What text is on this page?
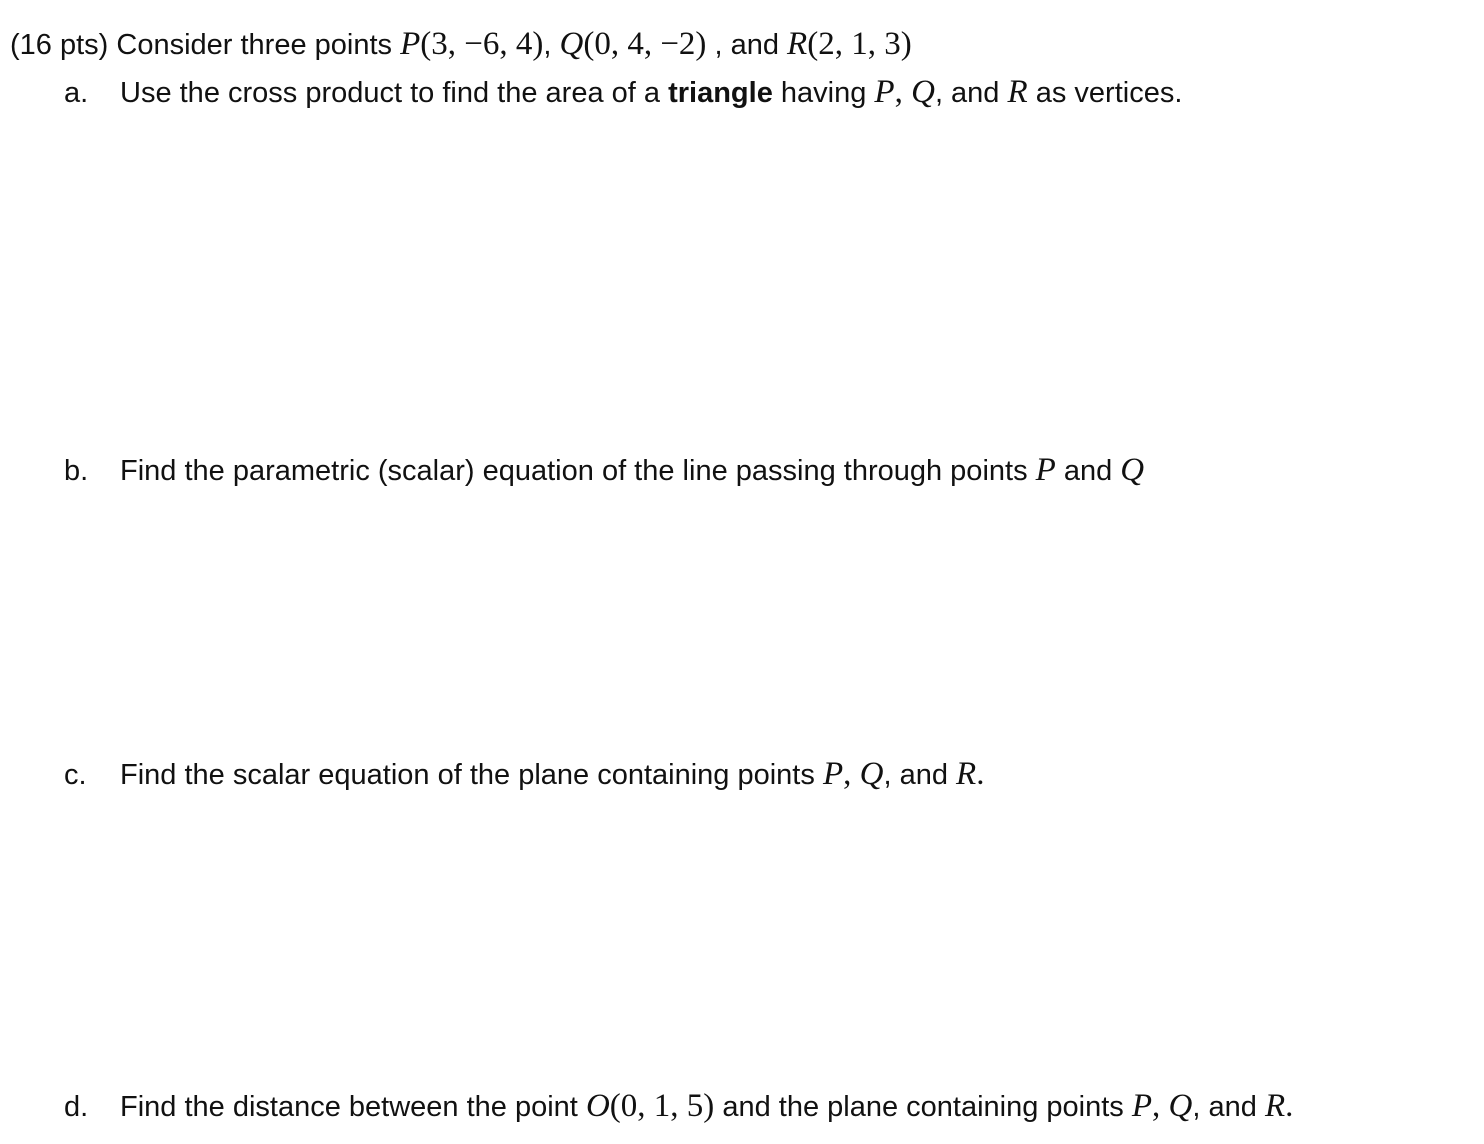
(16 pts) Consider three points P(3, −6, 4), Q(0, 4, −2) , and R(2, 1, 3)
a. Use the cross product to find the area of a triangle having P, Q, and R as vertices.
b. Find the parametric (scalar) equation of the line passing through points P and Q
c. Find the scalar equation of the plane containing points P, Q, and R.
d. Find the distance between the point O(0, 1, 5) and the plane containing points P, Q, and R.
